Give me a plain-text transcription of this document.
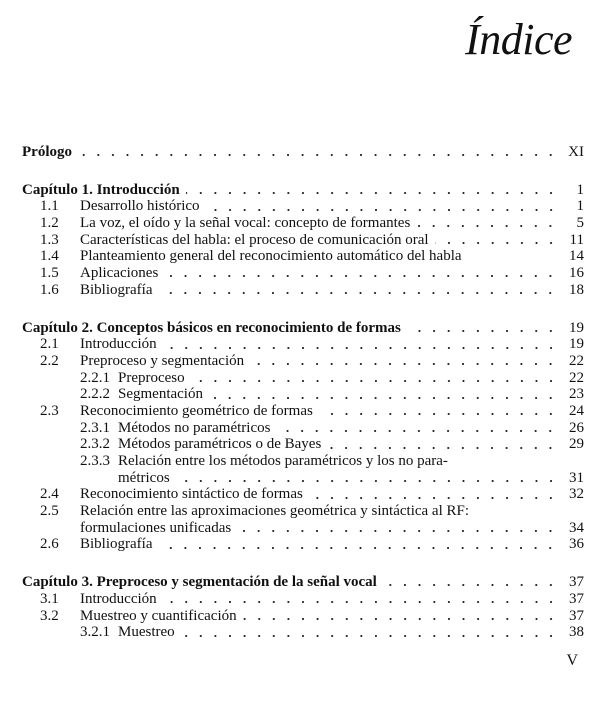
Índice
Prólogo	XI
Capítulo 1. Introducción	1
1.1	Desarrollo histórico	1
1.2	La voz, el oído y la señal vocal: concepto de formantes	5
1.3	Características del habla: el proceso de comunicación oral	11
1.4	Planteamiento general del reconocimiento automático del habla	14
1.5	Aplicaciones	16
1.6	Bibliografía	18
Capítulo 2. Conceptos básicos en reconocimiento de formas	19
2.1	Introducción	19
2.2	Preproceso y segmentación	22
2.2.1 Preproceso	22
2.2.2 Segmentación	23
2.3	Reconocimiento geométrico de formas	24
2.3.1 Métodos no paramétricos	26
2.3.2 Métodos paramétricos o de Bayes	29
2.3.3 Relación entre los métodos paramétricos y los no para-
métricos	31
2.4	Reconocimiento sintáctico de formas	32
2.5	Relación entre las aproximaciones geométrica y sintáctica al RF:
formulaciones unificadas	34
2.6	Bibliografía	36
Capítulo 3. Preproceso y segmentación de la señal vocal	37
3.1	Introducción	37
3.2	Muestreo y cuantificación	37
3.2.1 Muestreo	38
V
